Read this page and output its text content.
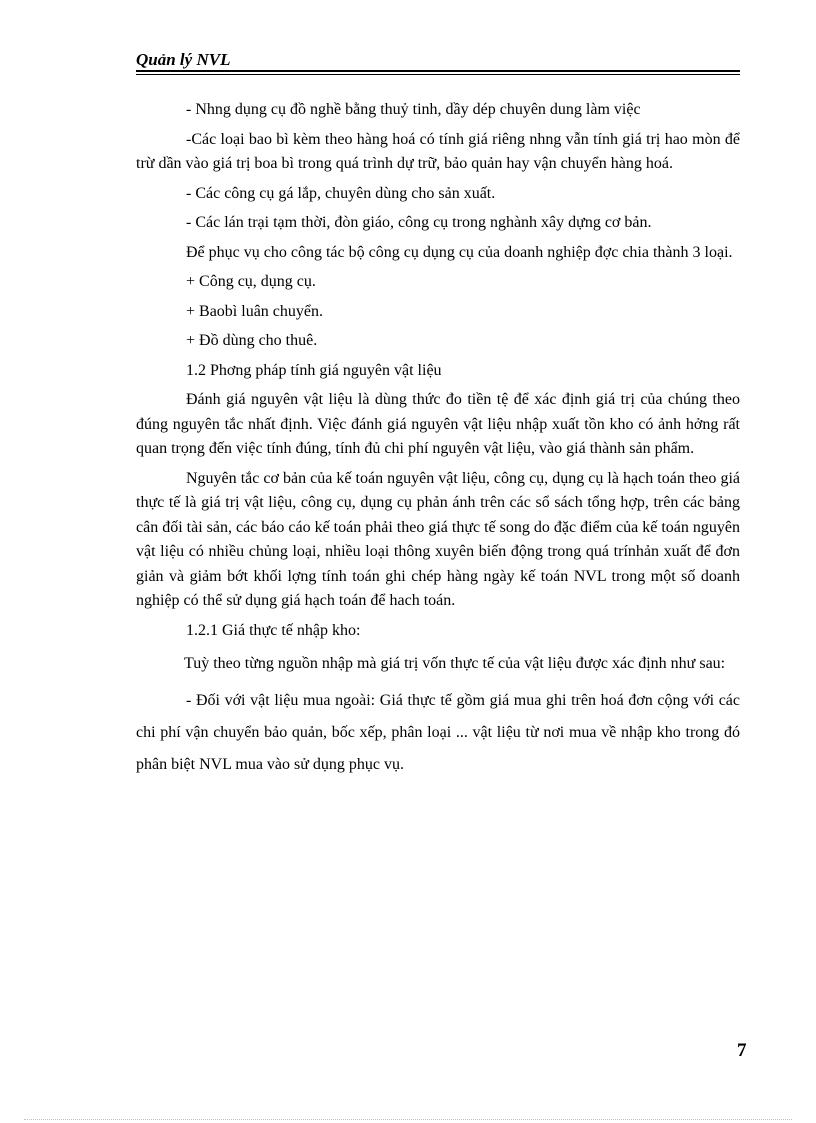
Quản lý NVL

- Nhng dụng cụ đồ nghề bằng thuỷ tinh, dầy dép chuyên dung làm việc

-Các loại bao bì kèm theo hàng hoá có tính giá riêng nhng vẫn tính giá trị hao mòn để trừ dần vào giá trị boa bì trong quá trình dự trữ, bảo quản hay vận chuyển hàng hoá.

- Các công cụ gá lắp, chuyên dùng cho sản xuất.

- Các lán trại tạm thời, đòn giáo, công cụ trong nghành xây dựng cơ bản.

Để phục vụ cho công tác bộ công cụ dụng cụ của doanh nghiệp đợc chia thành 3 loại.

+ Công cụ, dụng cụ.

+ Baobì luân chuyển.

+ Đồ dùng cho thuê.

1.2 Phơng pháp tính giá nguyên vật liệu

Đánh giá nguyên vật liệu là dùng thức đo tiền tệ để xác định giá trị của chúng theo đúng nguyên tắc nhất định. Việc đánh giá nguyên vật liệu nhập xuất tồn kho có ảnh hởng rất quan trọng đến việc tính đúng, tính đủ chi phí nguyên vật liệu, vào giá thành sản phẩm.

Nguyên tắc cơ bản của kế toán nguyên vật liệu, công cụ, dụng cụ là hạch toán theo giá thực tế là giá trị vật liệu, công cụ, dụng cụ phản ánh trên các sổ sách tổng hợp, trên các bảng cân đối tài sản, các báo cáo kế toán phải theo giá thực tế song do đặc điểm của kế toán nguyên vật liệu có nhiều chủng loại, nhiều loại thông xuyên biến động trong quá trínhản xuất để đơn giản và giảm bớt khối lợng tính toán ghi chép hàng ngày kế toán NVL trong một số doanh nghiệp có thể sử dụng giá hạch toán để hach toán.

1.2.1 Giá thực tế nhập kho:

Tuỳ theo từng nguồn nhập mà giá trị vốn thực tế của vật liệu được xác định như sau:

- Đối với vật liệu mua ngoài: Giá thực tế gồm giá mua ghi trên hoá đơn cộng với các chi phí vận chuyển bảo quản, bốc xếp, phân loại ... vật liệu từ nơi mua về nhập kho trong đó phân biệt NVL mua vào sử dụng phục vụ.

7
